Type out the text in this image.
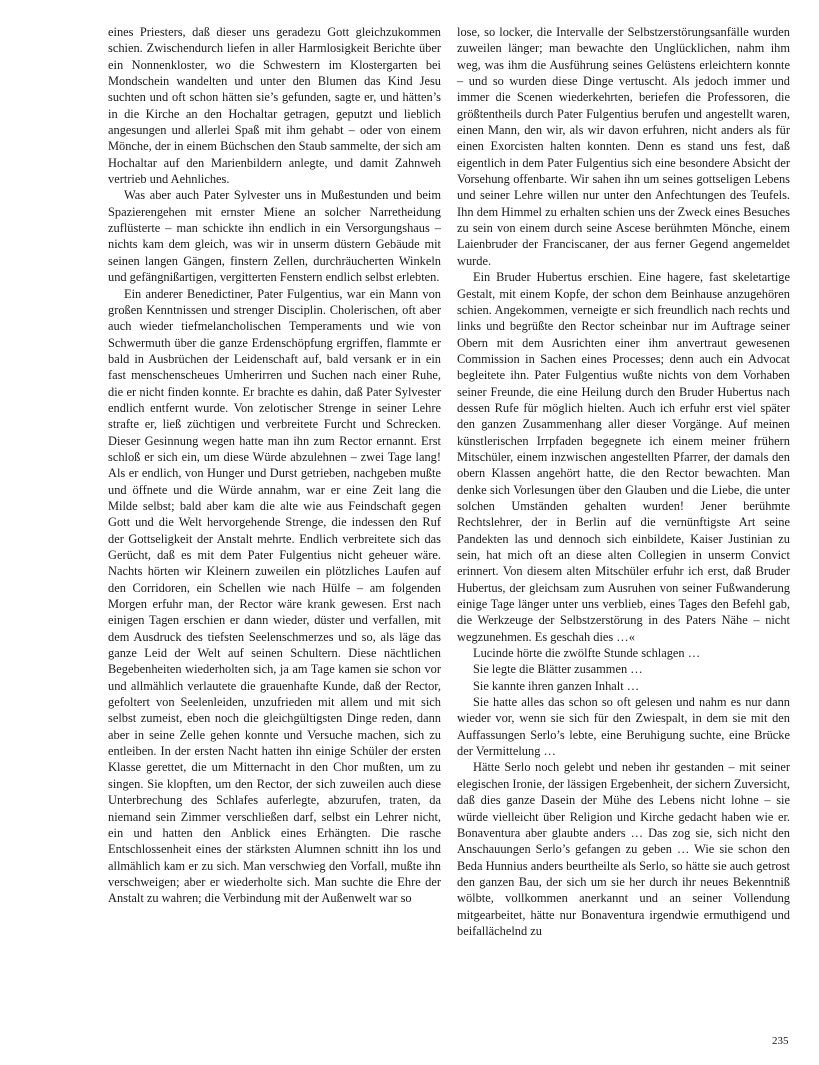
eines Priesters, daß dieser uns geradezu Gott gleichzukommen schien. Zwischendurch liefen in aller Harmlosigkeit Berichte über ein Nonnenkloster, wo die Schwestern im Klostergarten bei Mondschein wandelten und unter den Blumen das Kind Jesu suchten und oft schon hätten sie’s gefunden, sagte er, und hätten’s in die Kirche an den Hochaltar getragen, geputzt und lieblich angesungen und allerlei Spaß mit ihm gehabt – oder von einem Mönche, der in einem Büchschen den Staub sammelte, der sich am Hochaltar auf den Marienbildern anlegte, und damit Zahnweh vertrieb und Aehnliches.

Was aber auch Pater Sylvester uns in Mußestunden und beim Spazierengehen mit ernster Miene an solcher Narretheidung zuflüsterte – man schickte ihn endlich in ein Versorgungshaus – nichts kam dem gleich, was wir in unserm düstern Gebäude mit seinen langen Gängen, finstern Zellen, durchräucherten Winkeln und gefängnißartigen, vergitterten Fenstern endlich selbst erlebten.

Ein anderer Benedictiner, Pater Fulgentius, war ein Mann von großen Kenntnissen und strenger Disciplin. Cholerischen, oft aber auch wieder tiefmelancholischen Temperaments und wie von Schwermuth über die ganze Erdenschöpfung ergriffen, flammte er bald in Ausbrüchen der Leidenschaft auf, bald versank er in ein fast menschenscheues Umherirren und Suchen nach einer Ruhe, die er nicht finden konnte. Er brachte es dahin, daß Pater Sylvester endlich entfernt wurde. Von zelotischer Strenge in seiner Lehre strafte er, ließ züchtigen und verbreitete Furcht und Schrecken. Dieser Gesinnung wegen hatte man ihn zum Rector ernannt. Erst schloß er sich ein, um diese Würde abzulehnen – zwei Tage lang! Als er endlich, von Hunger und Durst getrieben, nachgeben mußte und öffnete und die Würde annahm, war er eine Zeit lang die Milde selbst; bald aber kam die alte wie aus Feindschaft gegen Gott und die Welt hervorgehende Strenge, die indessen den Ruf der Gottseligkeit der Anstalt mehrte. Endlich verbreitete sich das Gerücht, daß es mit dem Pater Fulgentius nicht geheuer wäre. Nachts hörten wir Kleinern zuweilen ein plötzliches Laufen auf den Corridoren, ein Schellen wie nach Hülfe – am folgenden Morgen erfuhr man, der Rector wäre krank gewesen. Erst nach einigen Tagen erschien er dann wieder, düster und verfallen, mit dem Ausdruck des tiefsten Seelenschmerzes und so, als läge das ganze Leid der Welt auf seinen Schultern. Diese nächtlichen Begebenheiten wiederholten sich, ja am Tage kamen sie schon vor und allmählich verlautete die grauenhafte Kunde, daß der Rector, gefoltert von Seelenleiden, unzufrieden mit allem und mit sich selbst zumeist, eben noch die gleichgültigsten Dinge reden, dann aber in seine Zelle gehen konnte und Versuche machen, sich zu entleiben. In der ersten Nacht hatten ihn einige Schüler der ersten Klasse gerettet, die um Mitternacht in den Chor mußten, um zu singen. Sie klopften, um den Rector, der sich zuweilen auch diese Unterbrechung des Schlafes auferlegte, abzurufen, traten, da niemand sein Zimmer verschließen darf, selbst ein Lehrer nicht, ein und hatten den Anblick eines Erhängten. Die rasche Entschlossenheit eines der stärksten Alumnen schnitt ihn los und allmählich kam er zu sich. Man verschwieg den Vorfall, mußte ihn verschweigen; aber er wiederholte sich. Man suchte die Ehre der Anstalt zu wahren; die Verbindung mit der Außenwelt war so

lose, so locker, die Intervalle der Selbstzerstörungsanfälle wurden zuweilen länger; man bewachte den Unglücklichen, nahm ihm weg, was ihm die Ausführung seines Gelüstens erleichtern konnte – und so wurden diese Dinge vertuscht. Als jedoch immer und immer die Scenen wiederkehrten, beriefen die Professoren, die größtentheils durch Pater Fulgentius berufen und angestellt waren, einen Mann, den wir, als wir davon erfuhren, nicht anders als für einen Exorcisten halten konnten. Denn es stand uns fest, daß eigentlich in dem Pater Fulgentius sich eine besondere Absicht der Vorsehung offenbarte. Wir sahen ihn um seines gottseligen Lebens und seiner Lehre willen nur unter den Anfechtungen des Teufels. Ihn dem Himmel zu erhalten schien uns der Zweck eines Besuches zu sein von einem durch seine Ascese berühmten Mönche, einem Laienbruder der Franciscaner, der aus ferner Gegend angemeldet wurde.

Ein Bruder Hubertus erschien. Eine hagere, fast skeletartige Gestalt, mit einem Kopfe, der schon dem Beinhause anzugehören schien. Angekommen, verneigte er sich freundlich nach rechts und links und begrüßte den Rector scheinbar nur im Auftrage seiner Obern mit dem Ausrichten einer ihm anvertraut gewesenen Commission in Sachen eines Processes; denn auch ein Advocat begleitete ihn. Pater Fulgentius wußte nichts von dem Vorhaben seiner Freunde, die eine Heilung durch den Bruder Hubertus nach dessen Rufe für möglich hielten. Auch ich erfuhr erst viel später den ganzen Zusammenhang aller dieser Vorgänge. Auf meinen künstlerischen Irrpfaden begegnete ich einem meiner frühern Mitschüler, einem inzwischen angestellten Pfarrer, der damals den obern Klassen angehört hatte, die den Rector bewachten. Man denke sich Vorlesungen über den Glauben und die Liebe, die unter solchen Umständen gehalten wurden! Jener berühmte Rechtslehrer, der in Berlin auf die vernünftigste Art seine Pandekten las und dennoch sich einbildete, Kaiser Justinian zu sein, hat mich oft an diese alten Collegien in unserm Convict erinnert. Von diesem alten Mitschüler erfuhr ich erst, daß Bruder Hubertus, der gleichsam zum Ausruhen von seiner Fußwanderung einige Tage länger unter uns verblieb, eines Tages den Befehl gab, die Werkzeuge der Selbstzerstörung in des Paters Nähe – nicht wegzunehmen. Es geschah dies …«

Lucinde hörte die zwölfte Stunde schlagen …

Sie legte die Blätter zusammen …

Sie kannte ihren ganzen Inhalt …

Sie hatte alles das schon so oft gelesen und nahm es nur dann wieder vor, wenn sie sich für den Zwiespalt, in dem sie mit den Auffassungen Serlo’s lebte, eine Beruhigung suchte, eine Brücke der Vermittelung …

Hätte Serlo noch gelebt und neben ihr gestanden – mit seiner elegischen Ironie, der lässigen Ergebenheit, der sichern Zuversicht, daß dies ganze Dasein der Mühe des Lebens nicht lohne – sie würde vielleicht über Religion und Kirche gedacht haben wie er. Bonaventura aber glaubte anders … Das zog sie, sich nicht den Anschauungen Serlo’s gefangen zu geben … Wie sie schon den Beda Hunnius anders beurtheilte als Serlo, so hätte sie auch getrost den ganzen Bau, der sich um sie her durch ihr neues Bekenntniß wölbte, vollkommen anerkannt und an seiner Vollendung mitgearbeitet, hätte nur Bonaventura irgendwie ermuthigend und beifallächelnd zu

235
